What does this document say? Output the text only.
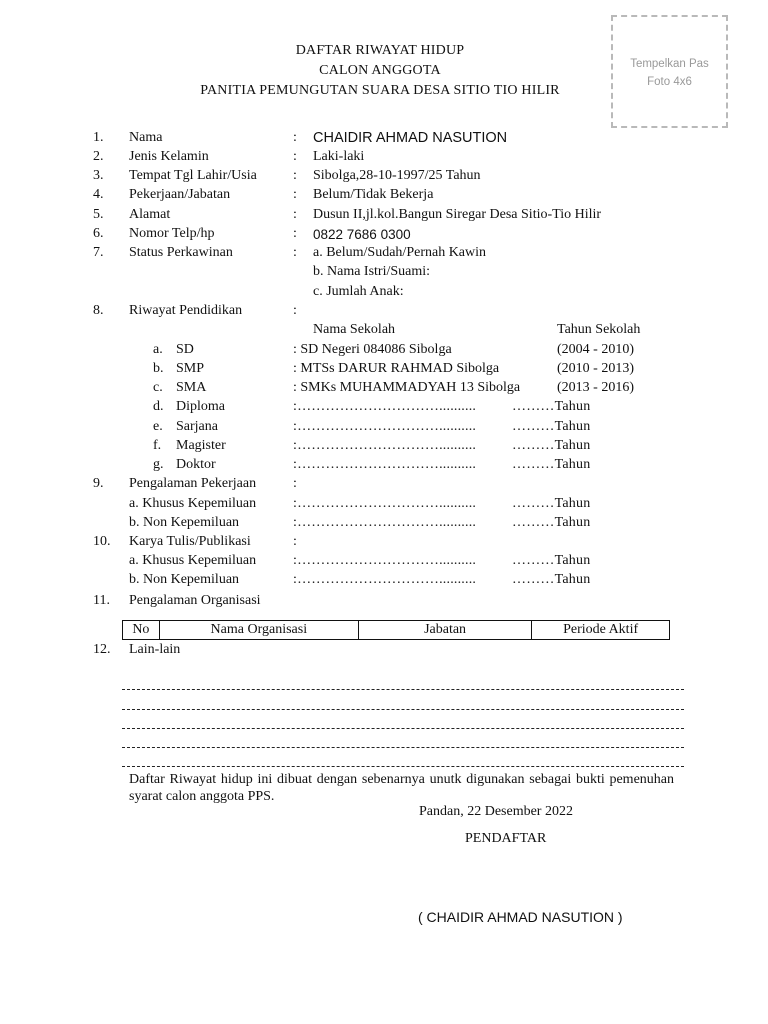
DAFTAR RIWAYAT HIDUP
CALON ANGGOTA
PANITIA PEMUNGUTAN SUARA DESA SITIO TIO HILIR
Tempelkan Pas
Foto 4x6
1. Nama	: CHAIDIR AHMAD NASUTION
2. Jenis Kelamin	: Laki-laki
3. Tempat Tgl Lahir/Usia	: Sibolga,28-10-1997/25 Tahun
4. Pekerjaan/Jabatan	: Belum/Tidak Bekerja
5. Alamat	: Dusun II,jl.kol.Bangun Siregar Desa Sitio-Tio Hilir
6. Nomor Telp/hp	: 0822 7686 0300
7. Status Perkawinan	: a. Belum/Sudah/Pernah Kawin
b. Nama Istri/Suami:
c. Jumlah Anak:
8. Riwayat Pendidikan	:
Nama Sekolah	Tahun Sekolah
a. SD	: SD Negeri 084086 Sibolga	(2004 - 2010)
b. SMP	: MTSs DARUR RAHMAD Sibolga	(2010 - 2013)
c. SMA	: SMKs MUHAMMADYAH 13 Sibolga	(2013 - 2016)
d. Diploma	:…………………………..........	………Tahun
e. Sarjana	:…………………………..........	………Tahun
f. Magister	:…………………………..........	………Tahun
g. Doktor	:…………………………..........	………Tahun
9. Pengalaman Pekerjaan	:
a. Khusus Kepemiluan	:…………………………..........	………Tahun
b. Non Kepemiluan	:…………………………..........	………Tahun
10. Karya Tulis/Publikasi	:
a. Khusus Kepemiluan	:…………………………..........	………Tahun
b. Non Kepemiluan	:…………………………..........	………Tahun
11. Pengalaman Organisasi
No	Nama Organisasi	Jabatan	Periode Aktif
12. Lain-lain
Daftar Riwayat hidup ini dibuat dengan sebenarnya unutk digunakan sebagai bukti pemenuhan syarat calon anggota PPS.
Pandan, 22 Desember 2022
PENDAFTAR
( CHAIDIR AHMAD NASUTION )
